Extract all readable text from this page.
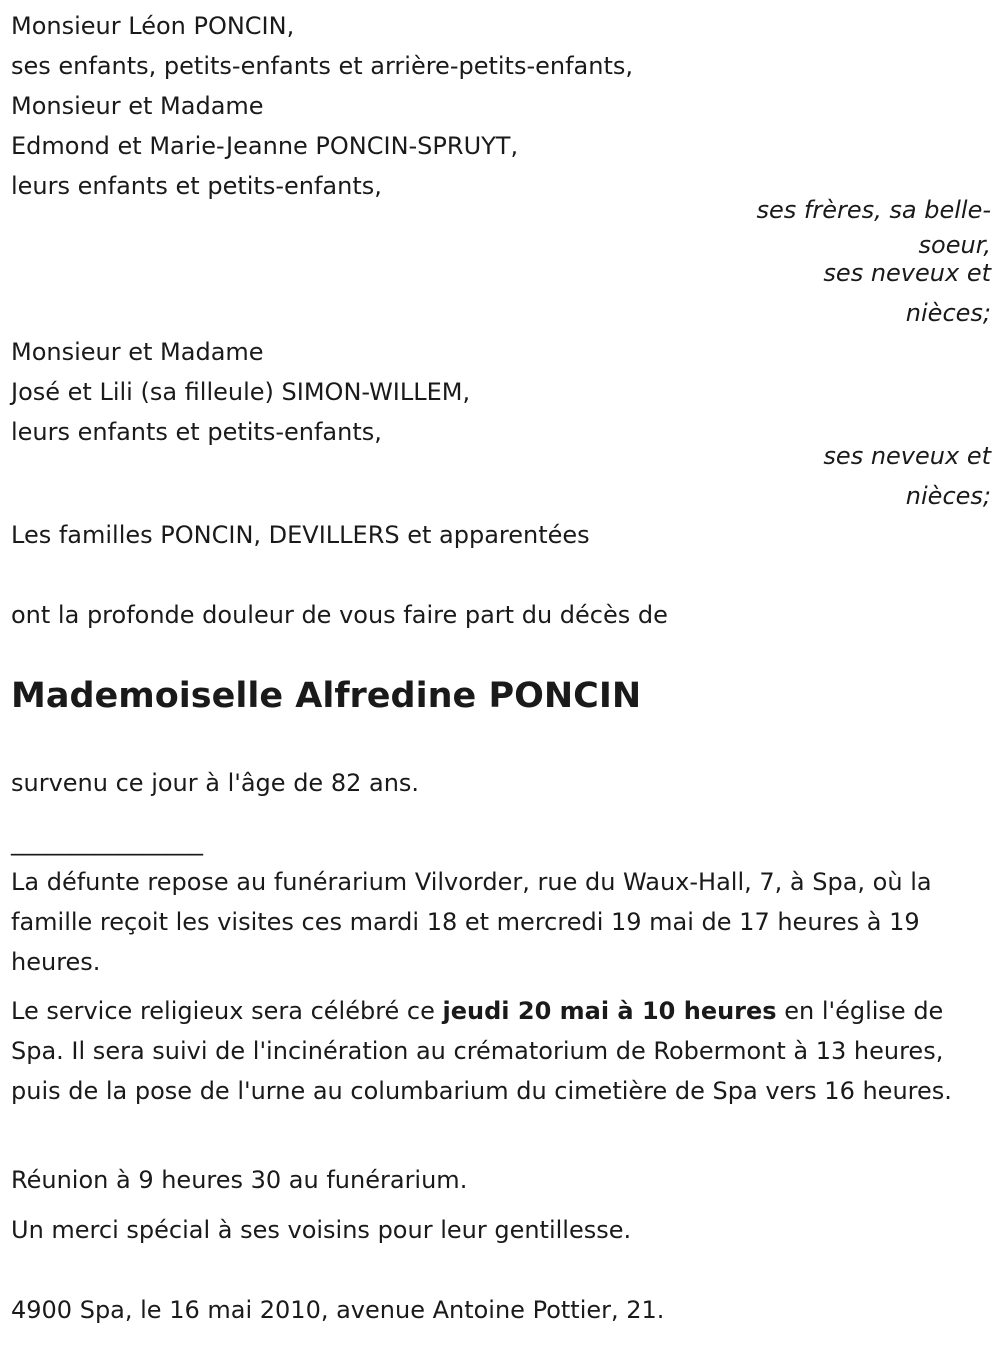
Monsieur Léon PONCIN,
ses enfants, petits-enfants et arrière-petits-enfants,
Monsieur et Madame
Edmond et Marie-Jeanne PONCIN-SPRUYT,
leurs enfants et petits-enfants,
ses frères, sa belle-
soeur,
ses neveux et
nièces;
Monsieur et Madame
José et Lili (sa filleule) SIMON-WILLEM,
leurs enfants et petits-enfants,
ses neveux et
nièces;
Les familles PONCIN, DEVILLERS et apparentées
ont la profonde douleur de vous faire part du décès de
Mademoiselle Alfredine PONCIN
survenu ce jour à l'âge de 82 ans.
________________
La défunte repose au funérarium Vilvorder, rue du Waux-Hall, 7, à Spa, où la famille reçoit les visites ces mardi 18 et mercredi 19 mai de 17 heures à 19 heures.
Le service religieux sera célébré ce jeudi 20 mai à 10 heures en l'église de Spa. Il sera suivi de l'incinération au crématorium de Robermont à 13 heures, puis de la pose de l'urne au columbarium du cimetière de Spa vers 16 heures.
Réunion à 9 heures 30 au funérarium.
Un merci spécial à ses voisins pour leur gentillesse.
4900 Spa, le 16 mai 2010, avenue Antoine Pottier, 21.
